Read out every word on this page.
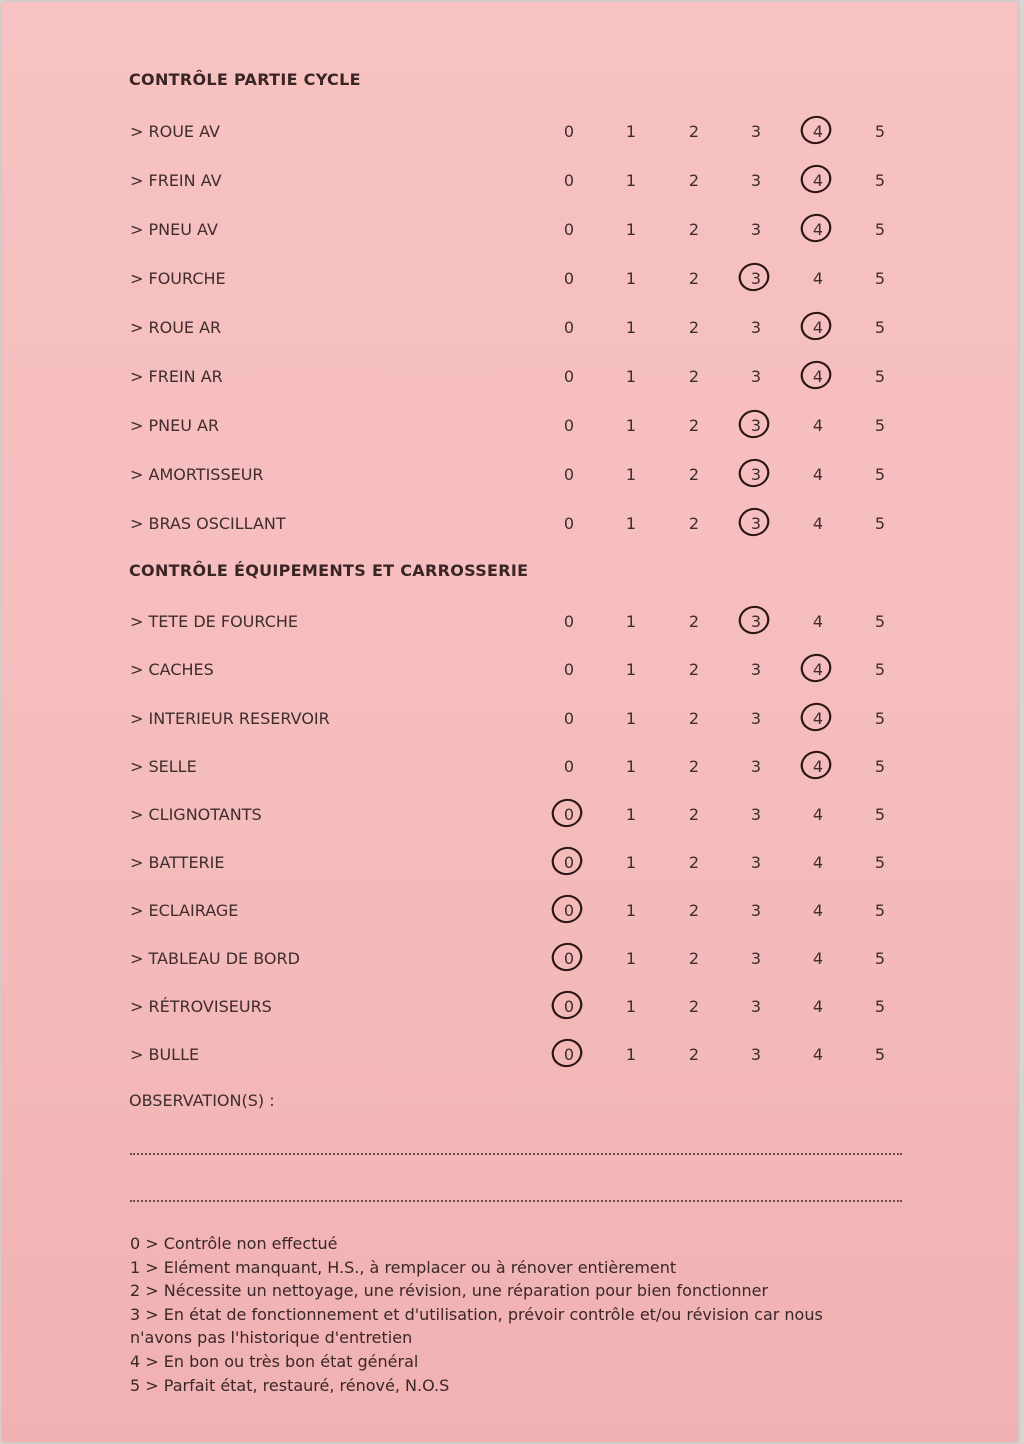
CONTRÔLE PARTIE CYCLE
> ROUE AV	0	1	2	3	4	5
> FREIN AV	0	1	2	3	4	5
> PNEU AV	0	1	2	3	4	5
> FOURCHE	0	1	2	3	4	5
> ROUE AR	0	1	2	3	4	5
> FREIN AR	0	1	2	3	4	5
> PNEU AR	0	1	2	3	4	5
> AMORTISSEUR	0	1	2	3	4	5
> BRAS OSCILLANT	0	1	2	3	4	5
CONTRÔLE ÉQUIPEMENTS ET CARROSSERIE
> TETE DE FOURCHE	0	1	2	3	4	5
> CACHES	0	1	2	3	4	5
> INTERIEUR RESERVOIR	0	1	2	3	4	5
> SELLE	0	1	2	3	4	5
> CLIGNOTANTS	0	1	2	3	4	5
> BATTERIE	0	1	2	3	4	5
> ECLAIRAGE	0	1	2	3	4	5
> TABLEAU DE BORD	0	1	2	3	4	5
> RÉTROVISEURS	0	1	2	3	4	5
> BULLE	0	1	2	3	4	5
OBSERVATION(S) :
0 > Contrôle non effectué
1 > Elément manquant, H.S., à remplacer ou à rénover entièrement
2 > Nécessite un nettoyage, une révision, une réparation pour bien fonctionner
3 > En état de fonctionnement et d'utilisation, prévoir contrôle et/ou révision car nous
n'avons pas l'historique d'entretien
4 > En bon ou très bon état général
5 > Parfait état, restauré, rénové, N.O.S
